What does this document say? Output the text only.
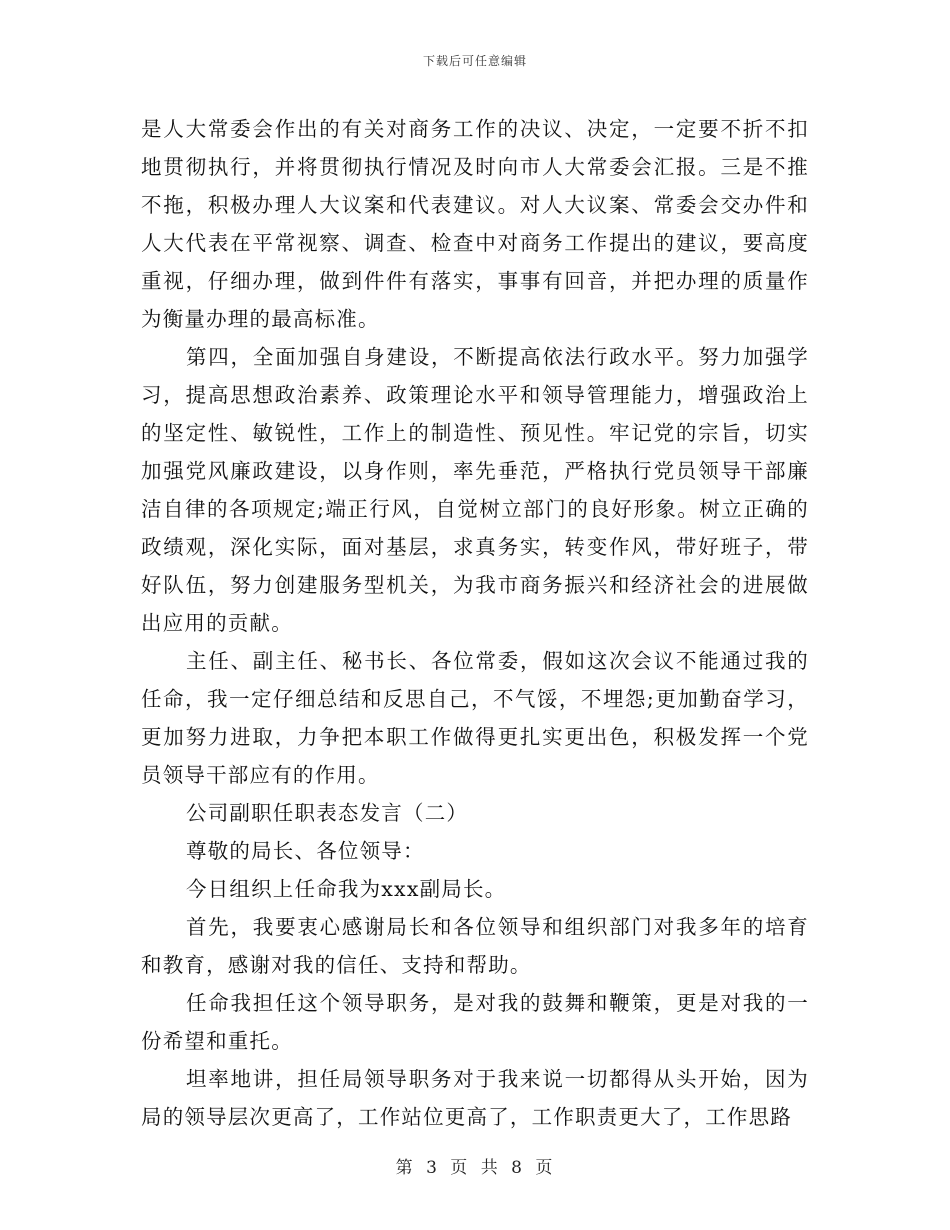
下载后可任意编辑

是人大常委会作出的有关对商务工作的决议、决定，一定要不折不扣地贯彻执行，并将贯彻执行情况及时向市人大常委会汇报。三是不推不拖，积极办理人大议案和代表建议。对人大议案、常委会交办件和人大代表在平常视察、调查、检查中对商务工作提出的建议，要高度重视，仔细办理，做到件件有落实，事事有回音，并把办理的质量作为衡量办理的最高标准。

第四，全面加强自身建设，不断提高依法行政水平。努力加强学习，提高思想政治素养、政策理论水平和领导管理能力，增强政治上的坚定性、敏锐性，工作上的制造性、预见性。牢记党的宗旨，切实加强党风廉政建设，以身作则，率先垂范，严格执行党员领导干部廉洁自律的各项规定;端正行风，自觉树立部门的良好形象。树立正确的政绩观，深化实际，面对基层，求真务实，转变作风，带好班子，带好队伍，努力创建服务型机关，为我市商务振兴和经济社会的进展做出应用的贡献。

主任、副主任、秘书长、各位常委，假如这次会议不能通过我的任命，我一定仔细总结和反思自己，不气馁，不埋怨;更加勤奋学习，更加努力进取，力争把本职工作做得更扎实更出色，积极发挥一个党员领导干部应有的作用。

公司副职任职表态发言（二）

尊敬的局长、各位领导：

今日组织上任命我为xxx副局长。

首先，我要衷心感谢局长和各位领导和组织部门对我多年的培育和教育，感谢对我的信任、支持和帮助。

任命我担任这个领导职务，是对我的鼓舞和鞭策，更是对我的一份希望和重托。

坦率地讲，担任局领导职务对于我来说一切都得从头开始，因为局的领导层次更高了，工作站位更高了，工作职责更大了，工作思路

第 3 页 共 8 页
